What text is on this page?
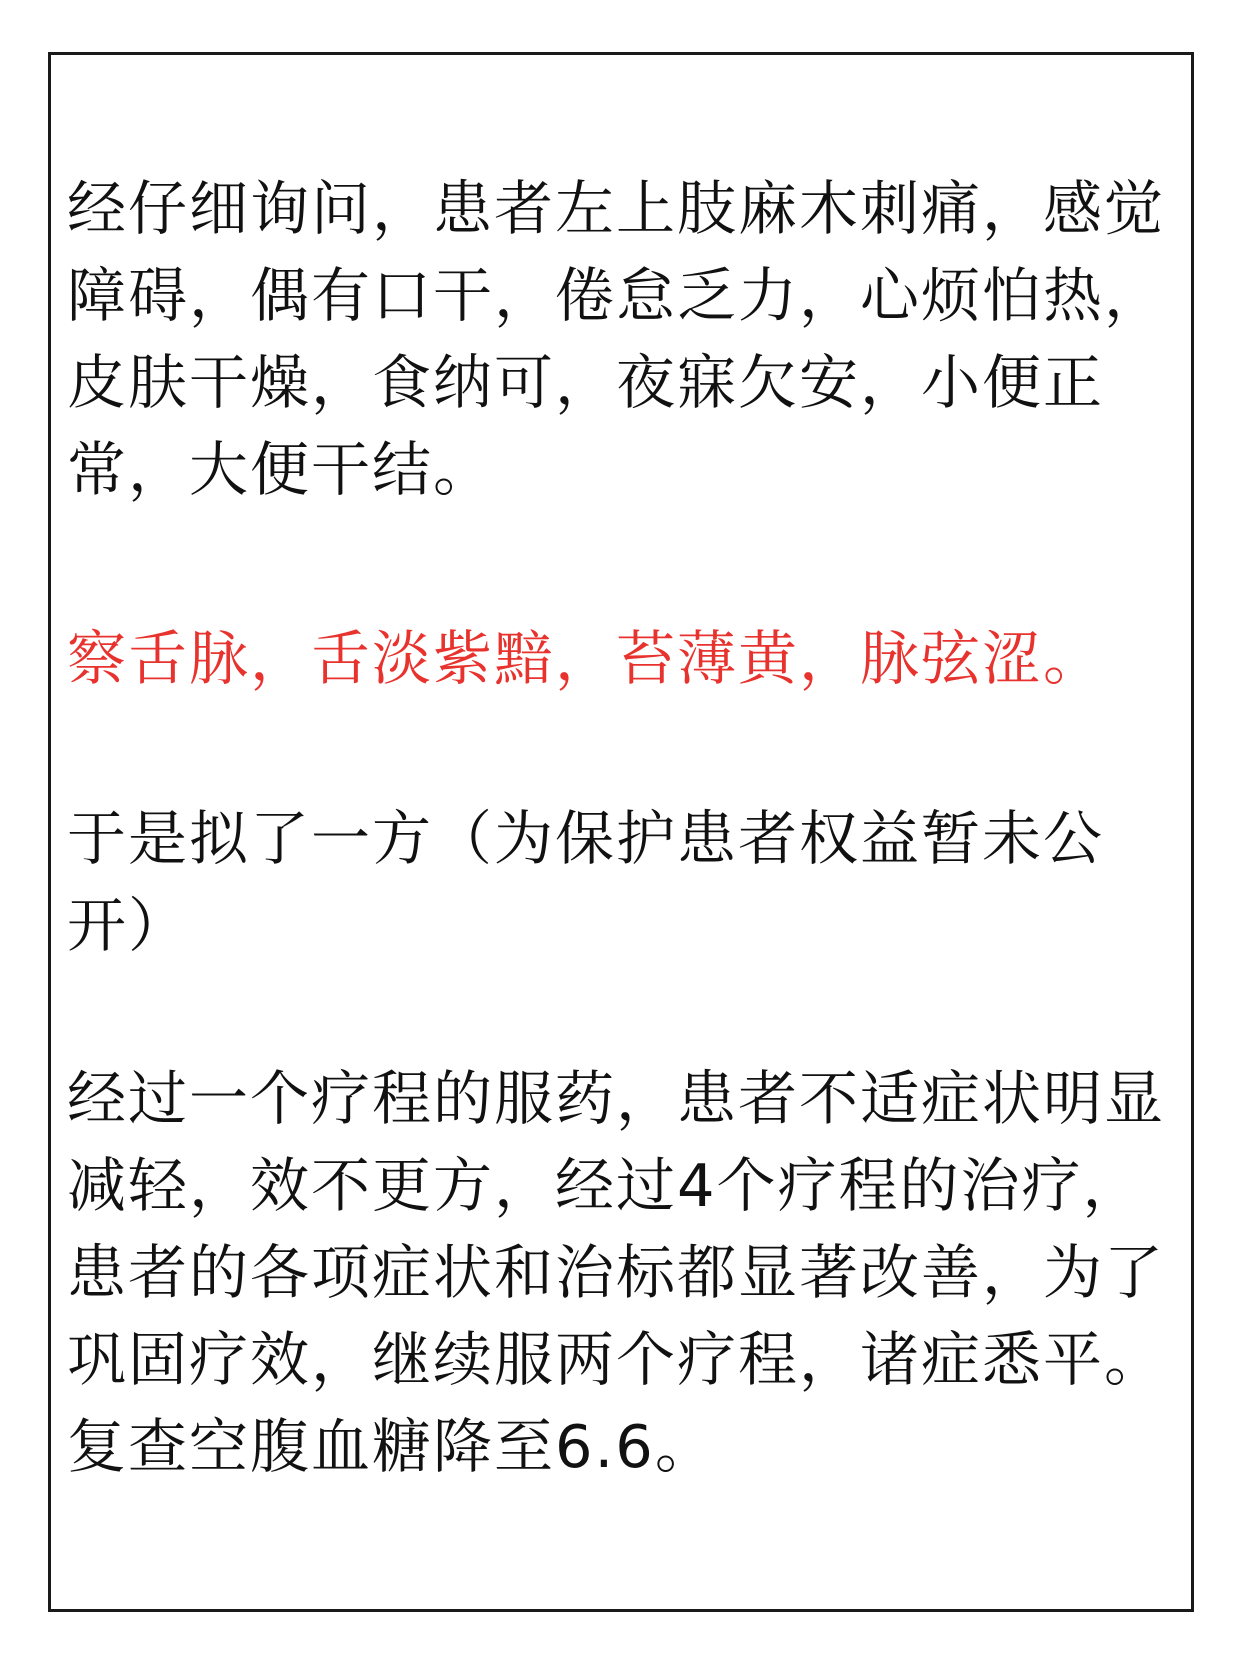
经仔细询问，患者左上肢麻木刺痛，感觉障碍，偶有口干，倦怠乏力，心烦怕热，皮肤干燥，食纳可，夜寐欠安，小便正常，大便干结。

察舌脉，舌淡紫黯，苔薄黄，脉弦涩。

于是拟了一方（为保护患者权益暂未公开）

经过一个疗程的服药，患者不适症状明显减轻，效不更方，经过4个疗程的治疗，患者的各项症状和治标都显著改善，为了巩固疗效，继续服两个疗程，诸症悉平。复查空腹血糖降至6.6。
